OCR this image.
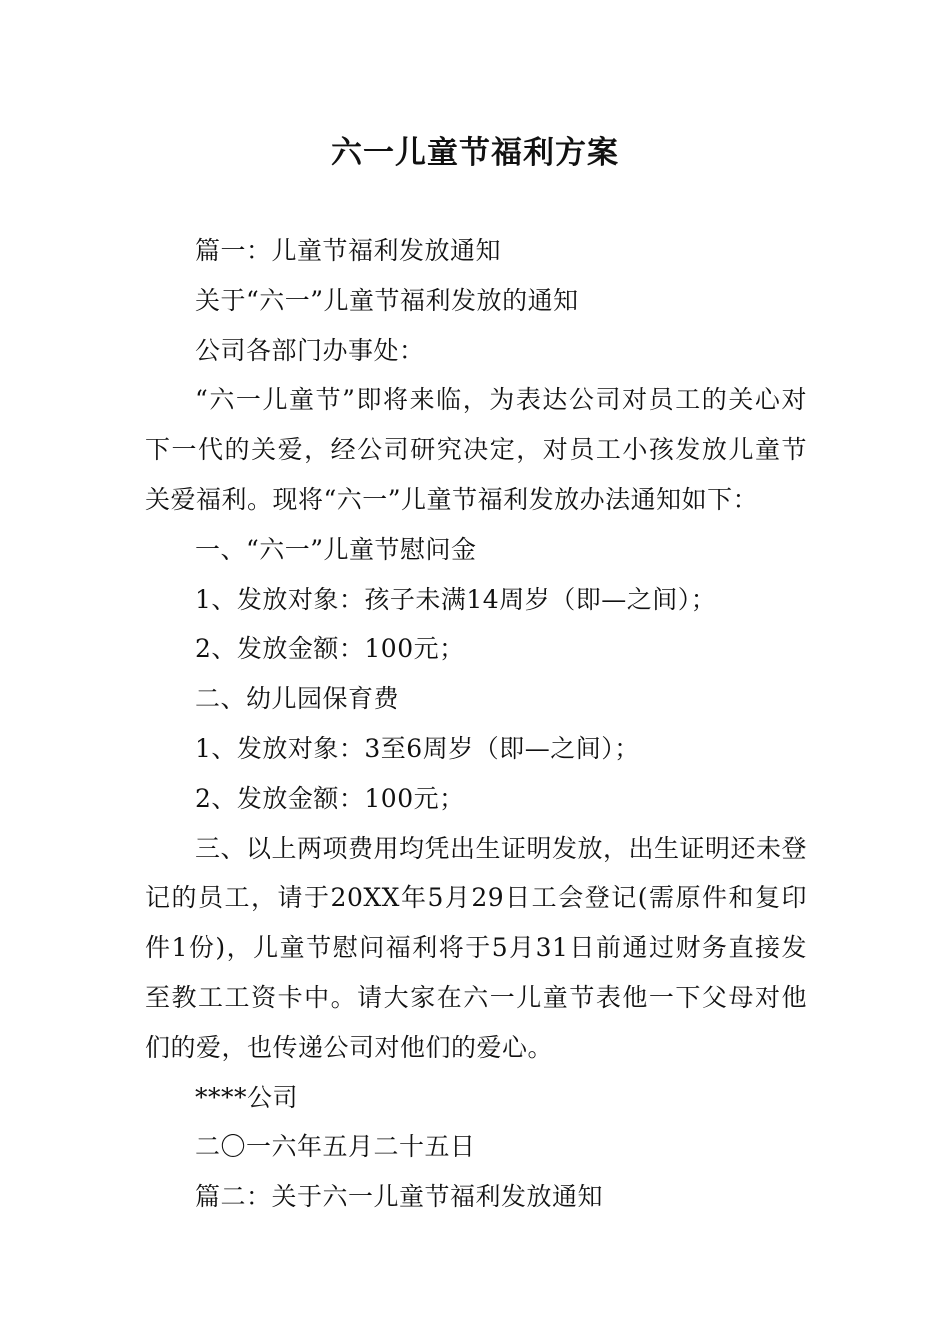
六一儿童节福利方案

篇一：儿童节福利发放通知

关于“六一”儿童节福利发放的通知

公司各部门办事处：

“六一儿童节”即将来临，为表达公司对员工的关心对下一代的关爱，经公司研究决定，对员工小孩发放儿童节关爱福利。现将“六一”儿童节福利发放办法通知如下：

一、“六一”儿童节慰问金

1、发放对象：孩子未满14周岁（即—之间）；

2、发放金额：100元；

二、幼儿园保育费

1、发放对象：3至6周岁（即—之间）；

2、发放金额：100元；

三、以上两项费用均凭出生证明发放，出生证明还未登记的员工，请于20XX年5月29日工会登记(需原件和复印件1份)，儿童节慰问福利将于5月31日前通过财务直接发至教工工资卡中。请大家在六一儿童节表他一下父母对他们的爱，也传递公司对他们的爱心。

****公司

二〇一六年五月二十五日

篇二：关于六一儿童节福利发放通知
